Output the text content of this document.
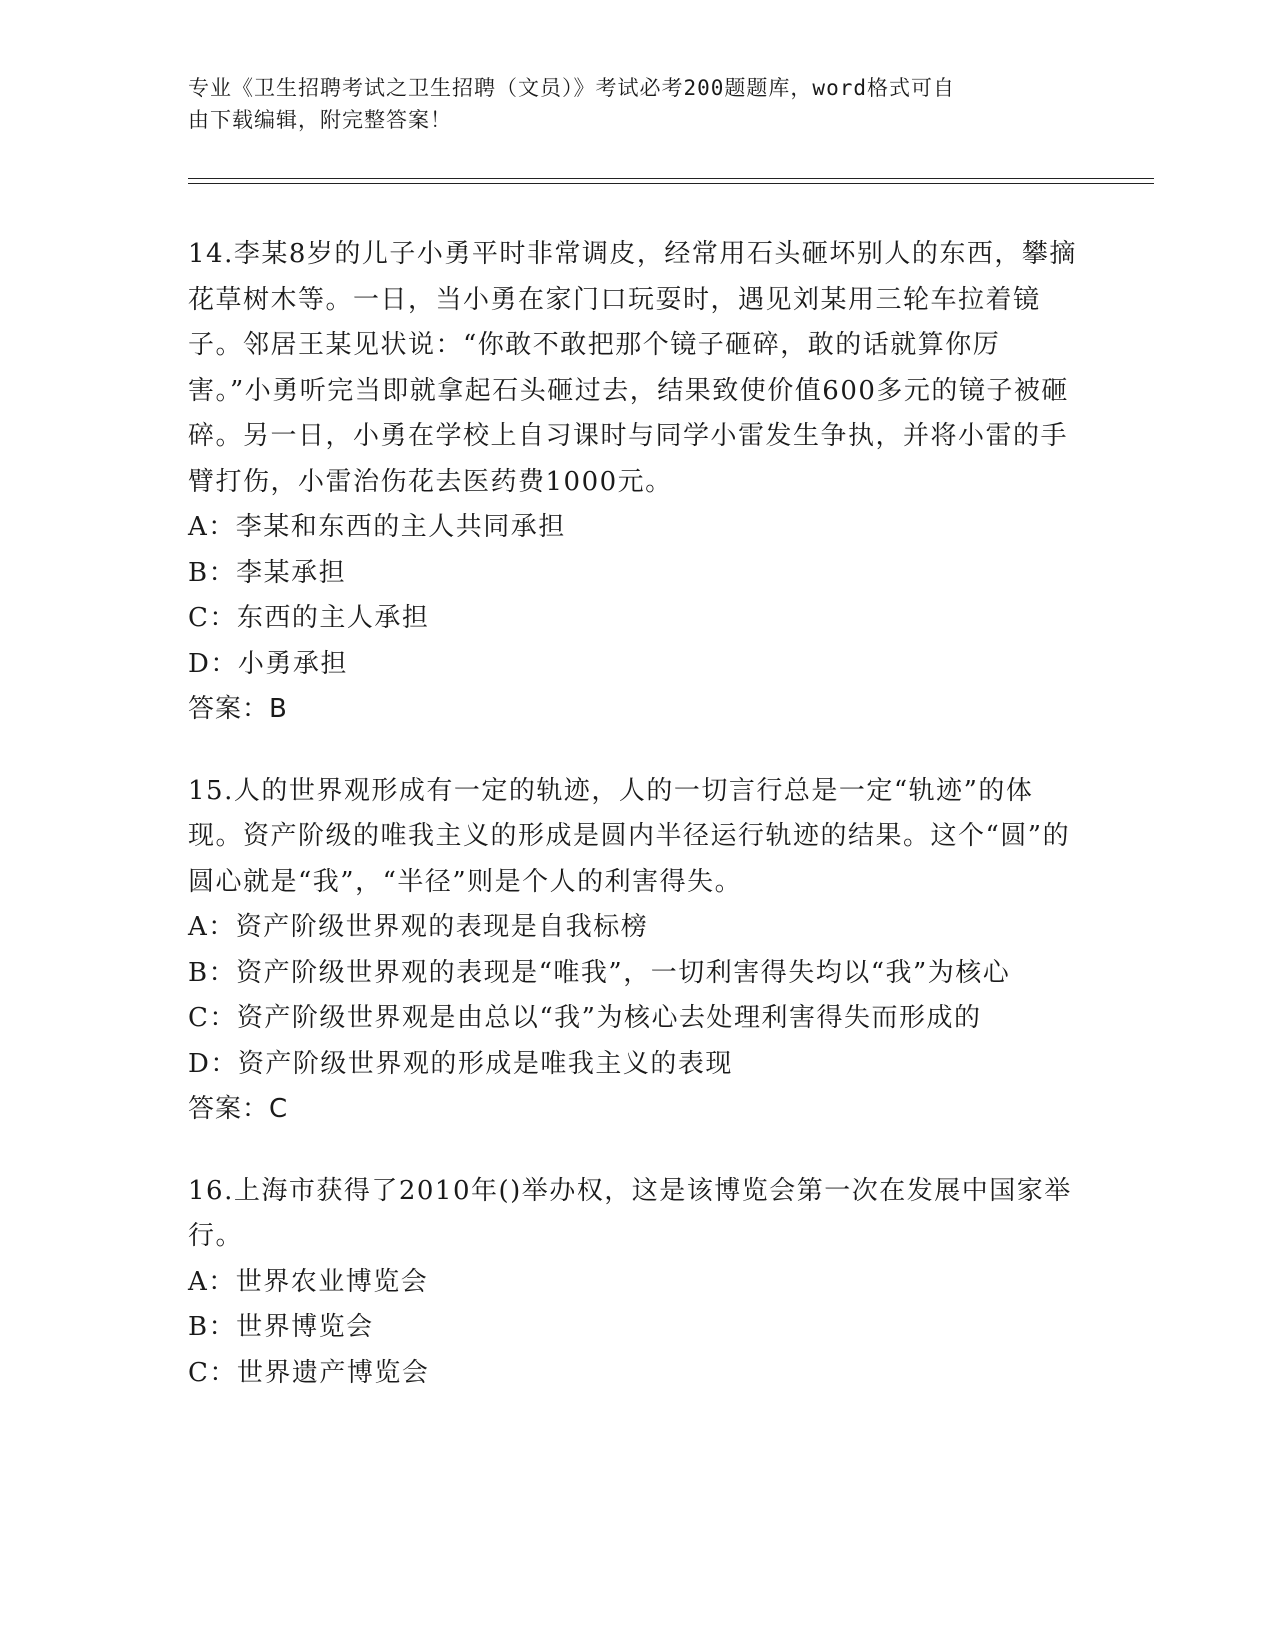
专业《卫生招聘考试之卫生招聘（文员）》考试必考200题题库，word格式可自
由下载编辑，附完整答案！
14.李某8岁的儿子小勇平时非常调皮，经常用石头砸坏别人的东西，攀摘花草树木等。一日，当小勇在家门口玩耍时，遇见刘某用三轮车拉着镜子。邻居王某见状说：“你敢不敢把那个镜子砸碎，敢的话就算你厉害。”小勇听完当即就拿起石头砸过去，结果致使价值600多元的镜子被砸碎。另一日，小勇在学校上自习课时与同学小雷发生争执，并将小雷的手臂打伤，小雷治伤花去医药费1000元。
A：李某和东西的主人共同承担
B：李某承担
C：东西的主人承担
D：小勇承担
答案：B
15.人的世界观形成有一定的轨迹，人的一切言行总是一定“轨迹”的体现。资产阶级的唯我主义的形成是圆内半径运行轨迹的结果。这个“圆”的圆心就是“我”，“半径”则是个人的利害得失。
A：资产阶级世界观的表现是自我标榜
B：资产阶级世界观的表现是“唯我”，一切利害得失均以“我”为核心
C：资产阶级世界观是由总以“我”为核心去处理利害得失而形成的
D：资产阶级世界观的形成是唯我主义的表现
答案：C
16.上海市获得了2010年()举办权，这是该博览会第一次在发展中国家举行。
A：世界农业博览会
B：世界博览会
C：世界遗产博览会
